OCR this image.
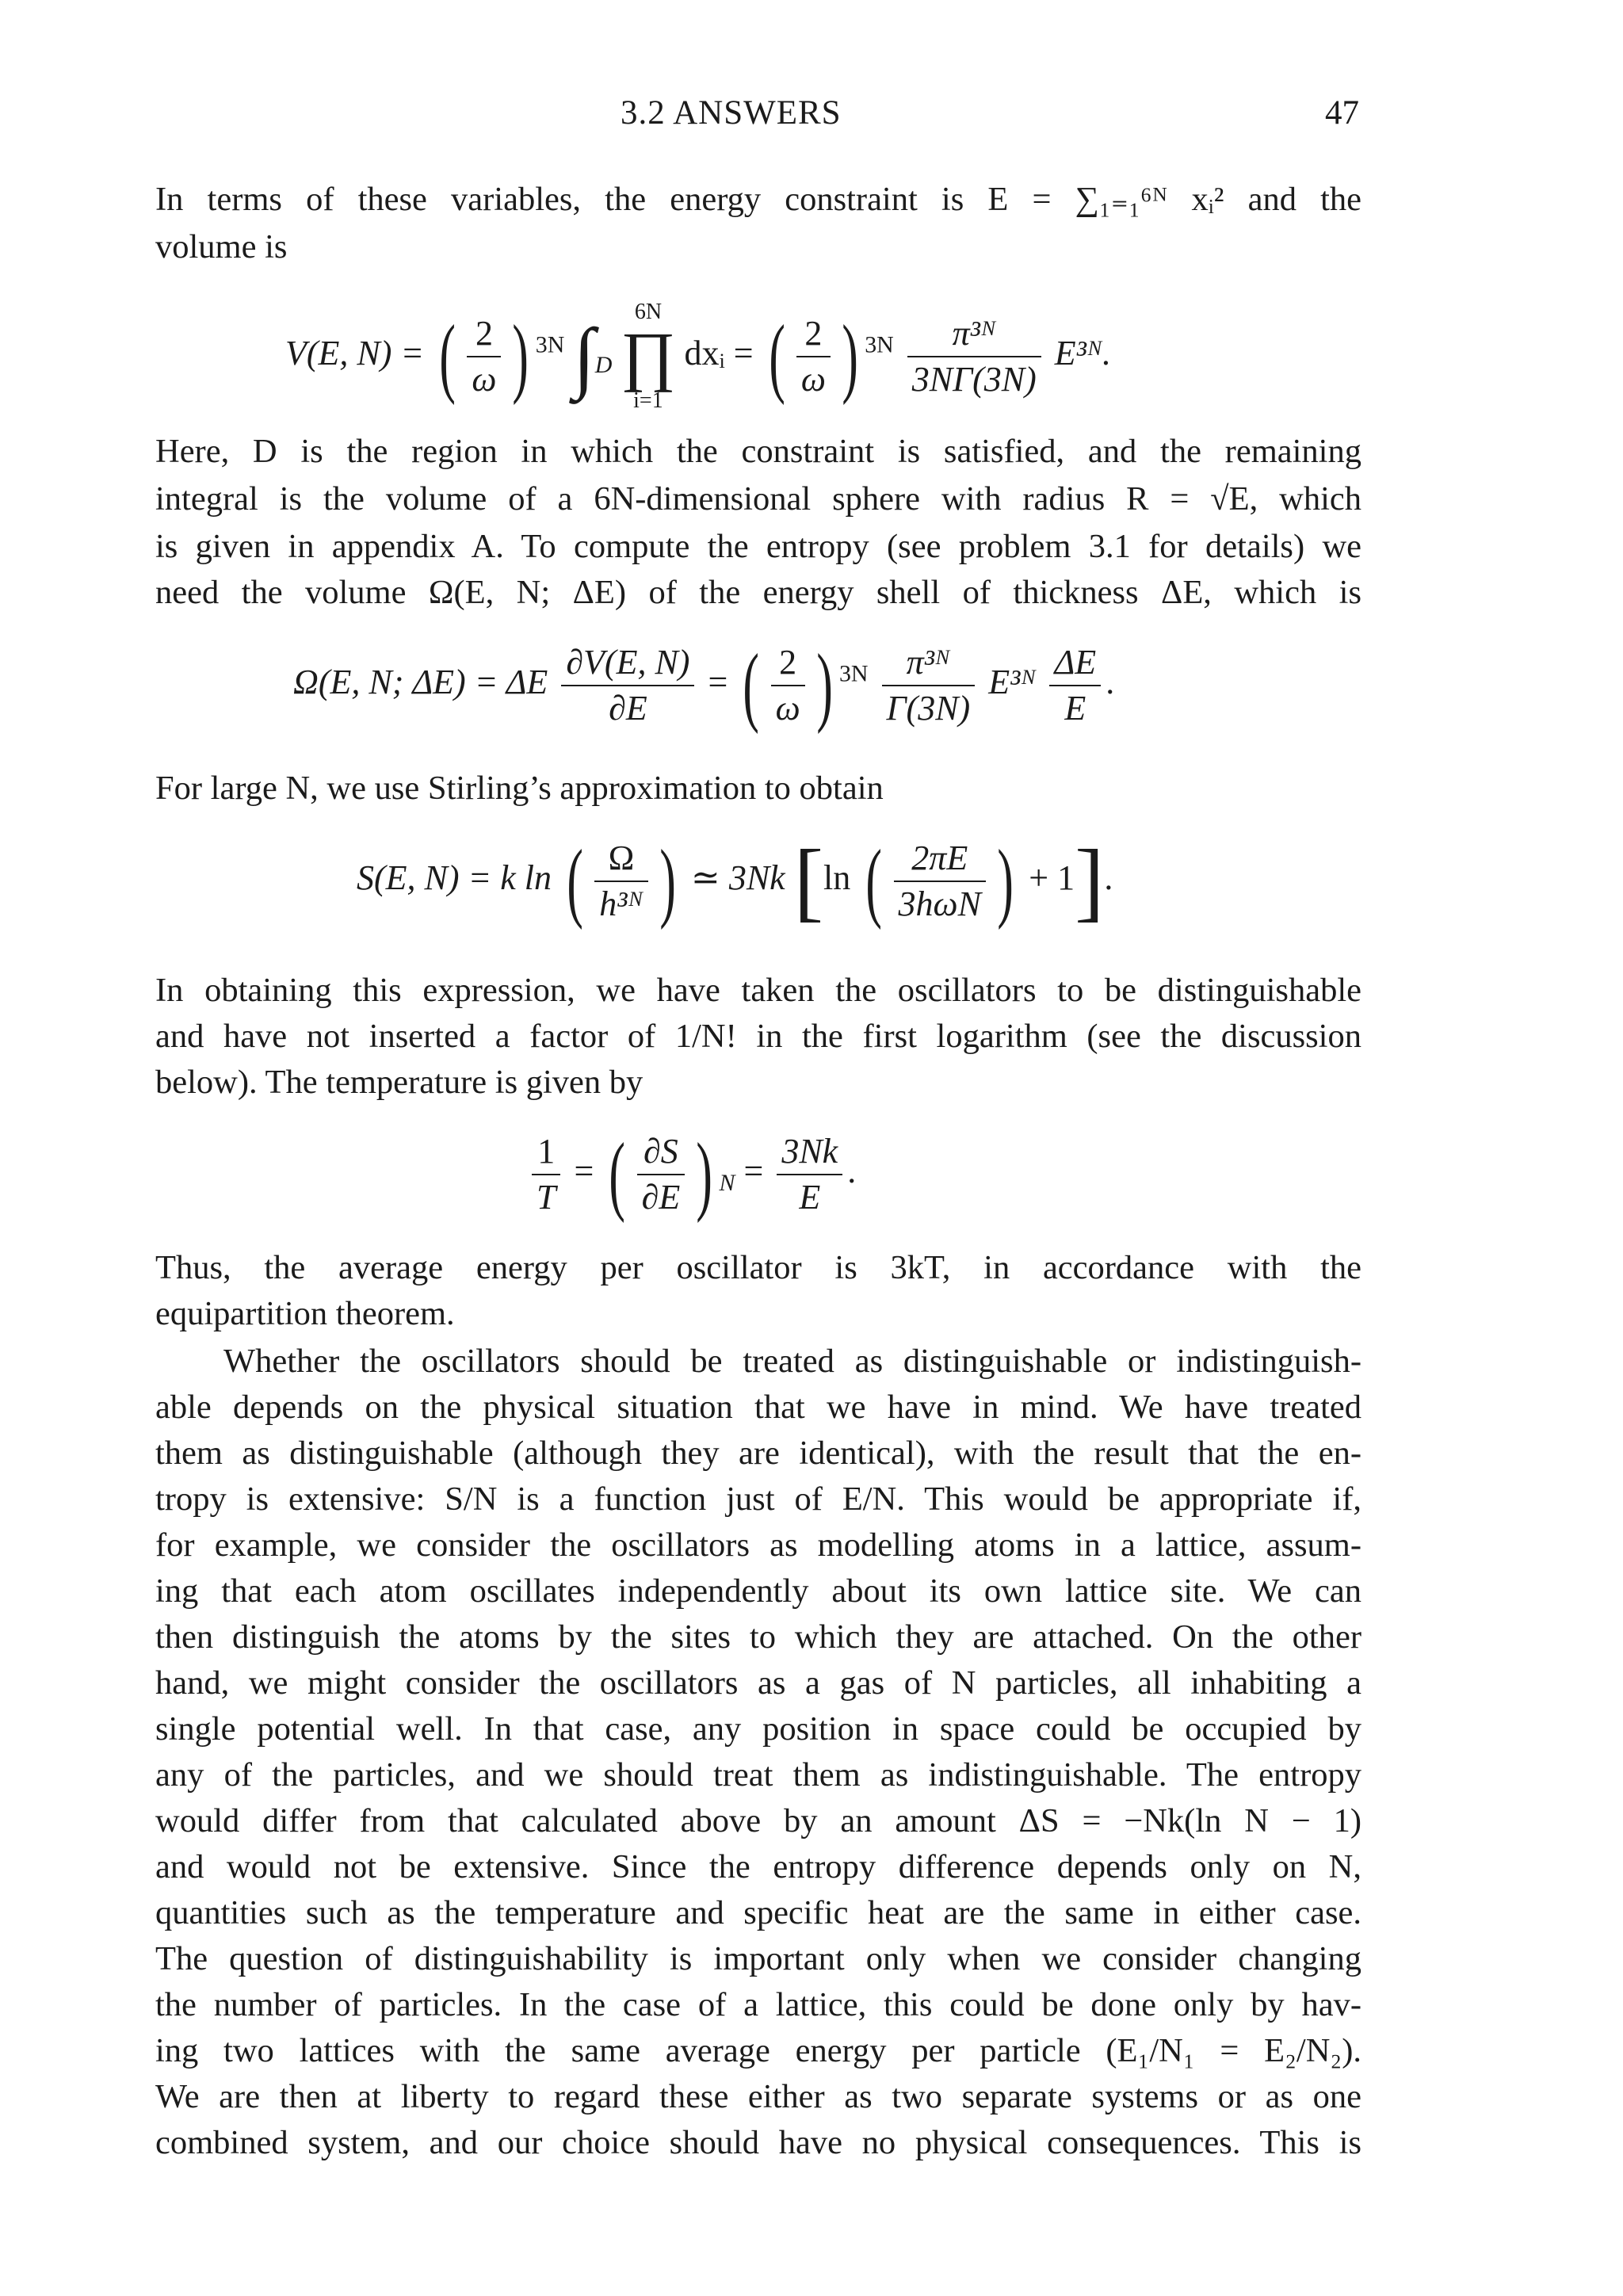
3.2 ANSWERS	47
In terms of these variables, the energy constraint is E = ∑₁₌₁⁶ᴺ xᵢ² and the
volume is
V(E, N) = ( $\frac{2}{\omega}$ ) $^{3N}$ $\int_D$
6N
∏
i=1
dxᵢ = ( $\frac{2}{\omega}$ ) $^{3N} \frac{\text{π³ᴺ}}{3N\Gamma(3N)}$ E³ᴺ.
Here, D is the region in which the constraint is satisfied, and the remaining
integral is the volume of a 6N-dimensional sphere with radius R = √E, which
is given in appendix A. To compute the entropy (see problem 3.1 for details) we
need the volume Ω(E, N; ΔE) of the energy shell of thickness ΔE, which is
Ω(E, N; ΔE) = ΔE $\frac{\partial V(E, N)}{\partial E}$ = ( $\frac{2}{\omega}$ ) $^{3N} \frac{\text{π³ᴺ}}{\Gamma(3N)}$ E³ᴺ $\frac{\Delta E}{E}$ .
For large N, we use Stirling’s approximation to obtain
S(E, N) = k ln ( $\frac{\Omega}{\text{h³ᴺ}}$ ) ≃ 3Nk [ln ( $\frac{2\pi E}{\text{3hωN}}$ ) + 1].
In obtaining this expression, we have taken the oscillators to be distinguishable
and have not inserted a factor of 1/N! in the first logarithm (see the discussion
below). The temperature is given by
$\frac{1}{T}$ = ( $\frac{\partial S}{\partial E}$ ) $_N = \frac{3Nk}{E}$ .
Thus, the average energy per oscillator is 3kT, in accordance with the
equipartition theorem.
Whether the oscillators should be treated as distinguishable or indistinguish-
able depends on the physical situation that we have in mind. We have treated
them as distinguishable (although they are identical), with the result that the en-
tropy is extensive: S/N is a function just of E/N. This would be appropriate if,
for example, we consider the oscillators as modelling atoms in a lattice, assum-
ing that each atom oscillates independently about its own lattice site. We can
then distinguish the atoms by the sites to which they are attached. On the other
hand, we might consider the oscillators as a gas of N particles, all inhabiting a
single potential well. In that case, any position in space could be occupied by
any of the particles, and we should treat them as indistinguishable. The entropy
would differ from that calculated above by an amount ΔS = −Nk(ln N − 1)
and would not be extensive. Since the entropy difference depends only on N,
quantities such as the temperature and specific heat are the same in either case.
The question of distinguishability is important only when we consider changing
the number of particles. In the case of a lattice, this could be done only by hav-
ing two lattices with the same average energy per particle (E₁/N₁ = E₂/N₂).
We are then at liberty to regard these either as two separate systems or as one
combined system, and our choice should have no physical consequences. This is
